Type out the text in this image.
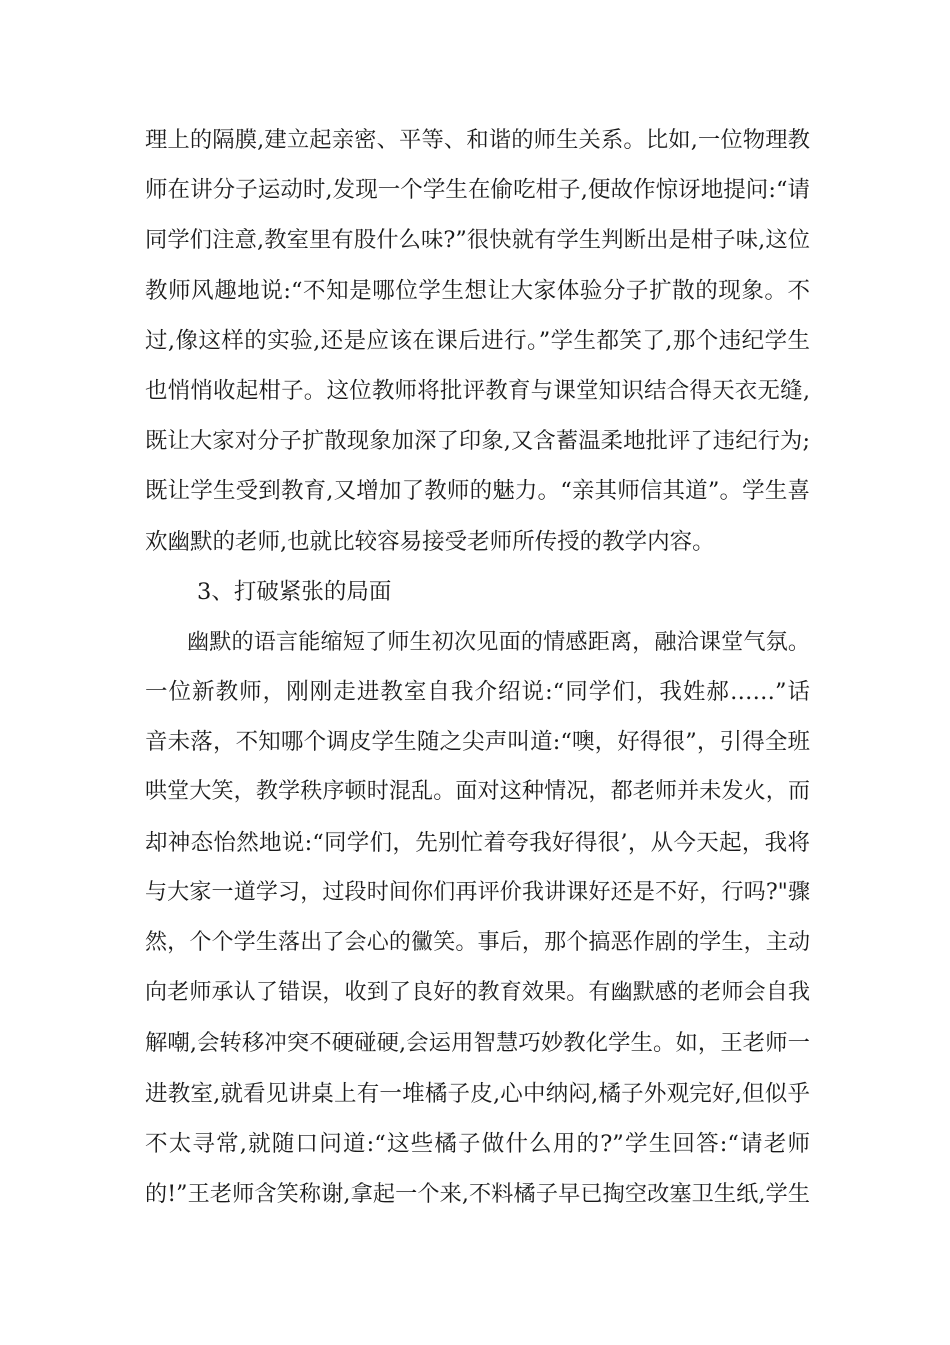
理上的隔膜,建立起亲密、平等、和谐的师生关系。比如,一位物理教
师在讲分子运动时,发现一个学生在偷吃柑子,便故作惊讶地提问:“请
同学们注意,教室里有股什么味?”很快就有学生判断出是柑子味,这位
教师风趣地说:“不知是哪位学生想让大家体验分子扩散的现象。不
过,像这样的实验,还是应该在课后进行。”学生都笑了,那个违纪学生
也悄悄收起柑子。这位教师将批评教育与课堂知识结合得天衣无缝,
既让大家对分子扩散现象加深了印象,又含蓄温柔地批评了违纪行为;
既让学生受到教育,又增加了教师的魅力。“亲其师信其道”。学生喜
欢幽默的老师,也就比较容易接受老师所传授的教学内容。
3、打破紧张的局面
幽默的语言能缩短了师生初次见面的情感距离，融洽课堂气氛。
一位新教师，刚刚走进教室自我介绍说:“同学们，我姓郝……”话
音未落，不知哪个调皮学生随之尖声叫道:“噢，好得很”，引得全班
哄堂大笑，教学秩序顿时混乱。面对这种情况，都老师并未发火，而
却神态怡然地说:“同学们，先别忙着夸我好得很’，从今天起，我将
与大家一道学习，过段时间你们再评价我讲课好还是不好，行吗?"骤
然，个个学生落出了会心的黴笑。事后，那个搞恶作剧的学生，主动
向老师承认了错误，收到了良好的教育效果。有幽默感的老师会自我
解嘲,会转移冲突不硬碰硬,会运用智慧巧妙教化学生。如，王老师一
进教室,就看见讲桌上有一堆橘子皮,心中纳闷,橘子外观完好,但似乎
不太寻常,就随口问道:“这些橘子做什么用的?”学生回答:“请老师
的!”王老师含笑称谢,拿起一个来,不料橘子早已掏空改塞卫生纸,学生
